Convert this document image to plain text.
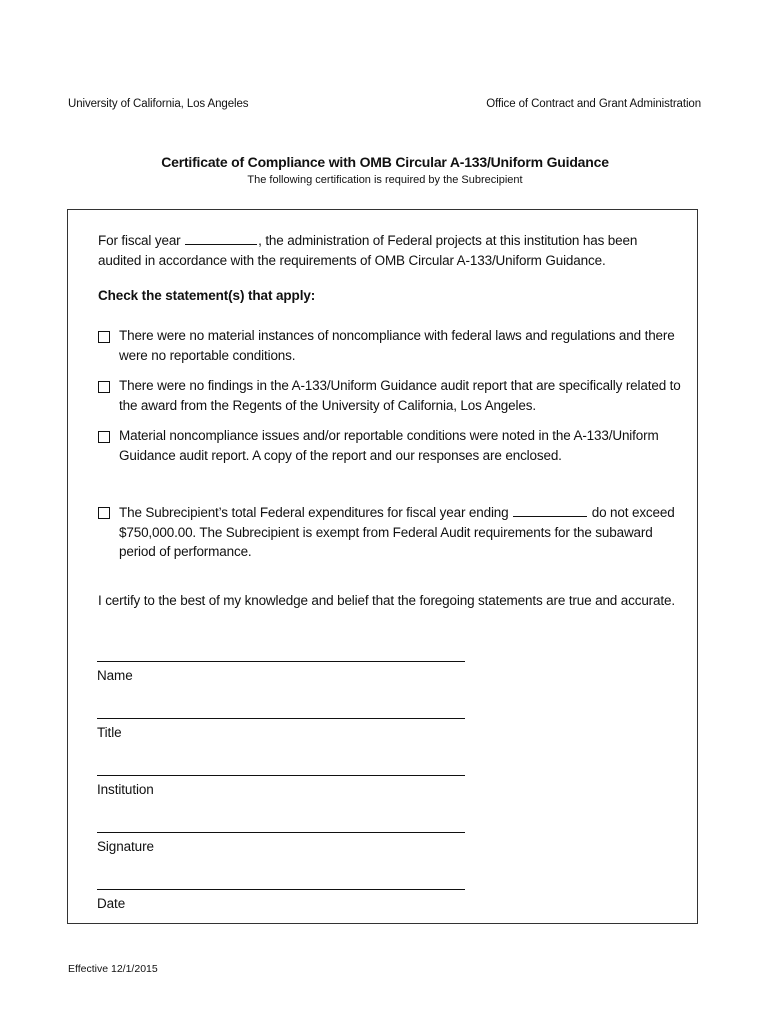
University of California, Los Angeles	Office of Contract and Grant Administration
Certificate of Compliance with OMB Circular A-133/Uniform Guidance
The following certification is required by the Subrecipient
For fiscal year	, the administration of Federal projects at this institution has been audited in accordance with the requirements of OMB Circular A-133/Uniform Guidance.
Check the statement(s) that apply:
There were no material instances of noncompliance with federal laws and regulations and there were no reportable conditions.
There were no findings in the A-133/Uniform Guidance audit report that are specifically related to the award from the Regents of the University of California, Los Angeles.
Material noncompliance issues and/or reportable conditions were noted in the A-133/Uniform Guidance audit report. A copy of the report and our responses are enclosed.
The Subrecipient’s total Federal expenditures for fiscal year ending	do not exceed $750,000.00. The Subrecipient is exempt from Federal Audit requirements for the subaward period of performance.
I certify to the best of my knowledge and belief that the foregoing statements are true and accurate.
Name
Title
Institution
Signature
Date
Effective 12/1/2015
